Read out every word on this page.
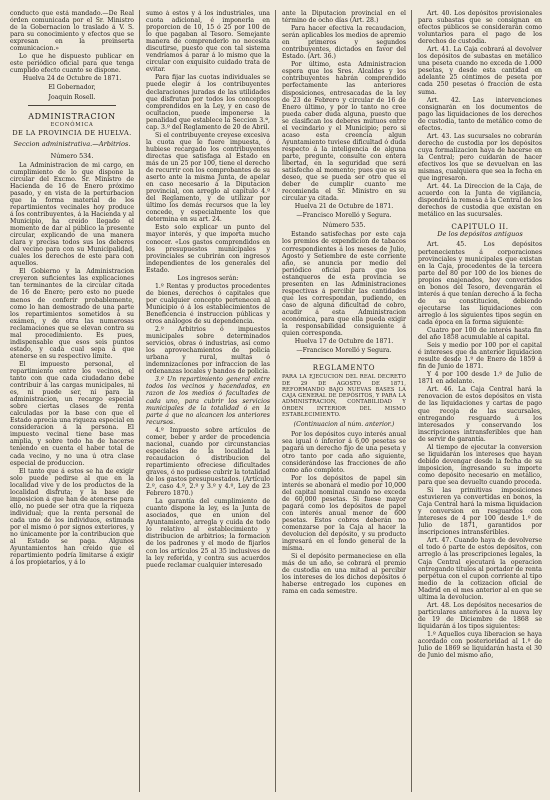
conducto que está mandado.—De Real órden comunicada por el Sr. Ministro de la Gobernacion lo traslado á V. S. para su conocimiento y efectos que se expresan en la preinserta comunicacion.»

Lo que he dispuesto publicar en este periódico oficial para que tenga cumplido efecto cuanto se dispone.

Huelva 24 de Octubre de 1871.

El Gobernador,
Joaquin Rosell.
ADMINISTRACION
ECONÓMICA
DE LA PROVINCIA DE HUELVA.
Seccion administrativa.—Arbitrios.
Número 534.

La Administracion de mi cargo, en cumplimiento de lo que dispone la circular del Excmo. Sr. Ministro de Hacienda de 16 de Enero próximo pasado, y en vista de la perturbacion que la forma material de los repartimientos vecinales hoy produce á los contribuyentes, á la Hacienda y al Municipio, ha creido llegado el momento de dar al público la presente circular, explicando de una manera clara y precisa todos sus los deberes del vecino para con su Municipalidad, cuales los derechos de este para con aquellos.

El Gobierno y la Administracion creyeron suficientes las explicaciones tan terminantes de la circular citada de 16 de Enero; pero esto no puede menos de conferir probablemente, como lo han demostrado de una parte los repartimientos sometidos á su exámen, y de otra las numerosas reclamaciones que se elevan contra su mal procedimiento. Es pues, indispensable que esos seis puntos estado, y cada cual sepa á que atenerse en su respectivo límite.

El impuesto personal, el repartimiento entre los vecinos, el tanto con que cada ciudadano debe contribuir á las cargas municipales, ni es, ni puede ser, ni para la administracion, un recargo especial sobre ciertas clases de renta calculadas por la base con que el Estado aprecia una riqueza especial en consideracion á la persona. El impuesto vecinal tiene base mas amplia, y sobre todo ha de hacerse teniendo en cuenta el haber total de cada vecino, y no una ú otra clase especial de produccion.

El tanto que á estos se ha de exigir solo puede pedirse al que en la localidad vive y de los productos de la localidad disfruta; y la base de imposicion á que han de atenerse para ello, no puede ser otra que la riqueza individual; que la renta personal de cada uno de los individuos, estimada por el mismo ó por signos exteriores, y no únicamente por la contribucion que al Estado se paga. Algunos Ayuntamientos han creido que el repartimiento podría limitarse á exigir á los propietarios, y á lo

sumo á estos y á los industriales, una cuota adicional, é imponerla en proporcion de 10, 15 ó 25 por 100 de lo que pagaban al Tesoro. Semejante manera de comprenderlo no necesita discutirse, puesto que con tal sistema vendríamos á parar á lo mismo que la circular con exquisito cuidado trata de evitar.

Para fijar las cuotas individuales se puede elegir á los contribuyentes declaraciones juradas de las utilidades que disfrutan por todos los conceptos comprendidos en la Ley, y en caso de ocultacion, puede imponerse la penalidad que establece la Seccion 3.ª, cap. 3.º del Reglamento de 20 de Abril.

Si el contribuyente creyese excesiva la cuota que le fuere impuesta, ó hubiese recargado los contribuyentes directas que satisfaga al Estado en más de un 25 por 100, tiene el derecho de recurrir con los comprobantes de su aserto ante la misma Junta, de apelar en caso necesario á la Diputacion provincial, con arreglo al capítulo 4.º del Reglamento, y de utilizar por último los demás recursos que la ley concede, y especialmente los que determina en su art. 24.

Esto solo explicar un punto del mayor interés, y que importa mucho conocer. «Los gastos comprendidos en los presupuestos municipales y provinciales se cubrirán con ingresos independientes de los generales del Estado.

Los ingresos serán:

1.º Rentas y productos procedentes de bienes, derechos ó capitales que por cualquier concepto pertenecen al Municipio ó á los establecimientos de Beneficencia é instruccion públicas y otros análogos de su dependencia.

2.º Arbitrios ó impuestos municipales sobre determinados servicios, obras ó industrias, así como los aprovechamientos de policía urbana y rural, multas ó indemnizaciones por infraccion de las ordenanzas locales y bandos de policía.

3.º Un repartimiento general entre todos los vecinos y hacendados, en razon de los medios ó facultades de cada uno, para cubrir los servicios municipales de la totalidad ó en la parte á que no alcancen los anteriores recursos.

4.º Impuesto sobre artículos de comer, beber y arder de procedencia nacional, cuando por circunstancias especiales de la localidad la recaudacion ó distribucion del repartimiento ofreciese dificultades graves, ó no pudiese cubrir la totalidad de los gastos presupuestados. (Artículo 2.º, caso 4.º, 2.º y 3.º y 4.º, Ley de 23 Febrero 1870.)

La garantía del cumplimiento de cuanto dispone la ley, es la Junta de asociados, que en union del Ayuntamiento, arregla y cuida de todo lo relativo al establecimiento y distribucion de arbitrios; la formacion de los padrones y el modo de fijarlos con los artículos 25 al 35 inclusives de la ley referida, y contra sus acuerdos puede reclamar cualquier interesado

ante la Diputacion provincial en el término de ocho días (Art. 28.)

Para hacer efectiva la recaudacion, serán aplicables los medios de apremio en primeros y segundos contribuyentes, dictados en favor del Estado. (Art. 36.)

Por último, esta Administracion espera que los Sres. Alcaldes y los contribuyentes habrán comprendido perfectamente las anteriores disposiciones, entresacadas de la ley de 23 de Febrero y circular de 16 de Enero último, y por lo tanto no cree pueda caber duda alguna, puesto que se clasifican los deberes mútuos entre el vecindario y el Municipio; pero si acaso esta creencia algun Ayuntamiento tuviese dificultad ó duda respecto á la inteligencia de alguna parte, pregunte, consulte con entera libertad, en la seguridad que será satisfecho al momento; pues que es su deseo, que se pueda ser otro que el deber de cumplir cuanto me recomienda el Sr. Ministro en su circular ya citada.

Huelva 21 de Octubre de 1871.

—Francisco Morelló y Segura.
Número 535.

Estando satisfechas por este caja los premios de expendicion de tabacos correspondientes á los meses de Julio, Agosto y Setiembre de este corriente año, se anuncia por medio del periódico oficial para que los estanqueros de esta provincia se presenten en las Administraciones respectivas á percibir las cantidades que les correspondan, pudiendo, en caso de alguna dificultad de cobro, acudir á esta Administracion económica, para que ella pueda exigir la responsabilidad consiguiente á quien corresponda.

Huelva 17 de Octubre de 1871.

—Francisco Morelló y Segura.
REGLAMENTO
PARA LA EJECUCION DEL REAL DECRETO DE 29 DE AGOSTO DE 1871, REFORMANDO BAJO NUEVAS BASES LA CAJA GENERAL DE DEPÓSITOS, Y PARA LA ADMINISTRACION, CONTABILIDAD Y ÓRDEN INTERIOR DEL MISMO ESTABLECIMIENTO.
(Continuacion al núm. anterior.)

Por los depósitos cuyo interés anual sea igual ó inferior á 6,00 pesetas se pagará un derecho fijo de una peseta y otro tanto por cada año siguiente, considerándose las fracciones de año como año completo.

Por los depósitos de papel sin interés se abonará el medio por 10,000 del capital nominal cuando no exceda de 60,000 pesetas. Si fuese mayor pagará como los depósitos de papel con interés anual menor de 600 pesetas. Estos cobros deberán no comenzarse por la Caja al hacer la devolucion del depósito, y su producto ingresará en el fondo general de la misma.

Si el depósito permaneciese en ella más de un año, se cobrará el premio de custodia en una mitad al percibir los intereses de los dichos depósitos ó haberse entregado los cupones en rama en cada semestre.

Art. 40. Los depósitos provisionales para subastas que se consignan en efectos públicos se considerarán como voluntarios para el pago de los derechos de custodia.

Art. 41. La Caja cobrará al devolver los depósitos de subastas en metálico una peseta cuando no exceda de 1.000 pesetas, y desde esta cantidad en adelante 25 céntimos de peseta por cada 250 pesetas ó fraccion de esta suma.

Art. 42. Las intervenciones consignarán en los documentos de pago las liquidaciones de los derechos de custodia, tanto de metálico como de efectos.

Art. 43. Las sucursales no cobrarán derecho de custodia por los depósitos cuya formalizacion haya de hacerse en la Central; pero cuidarán de hacer efectivos los que se devuelvan en las mismas, cualquiera que sea la fecha en que ingresaron.

Art. 44. La Direccion de la Caja, de acuerdo con la Junta de vigilancia, dispondrá la remesa á la Central de los derechos de custodia que existan en metálico en las sucursales.

CAPITULO II.
De los depósitos antiguos

Art. 45. Los depósitos pertenecientes á corporaciones provinciales y municipales que existan en la Caja, procedentes de la tercera parte del 80 por 100 de los bienes de propios enajenados, hoy convertidos en bonos del Tesoro, devengarán el interés á que tenían derecho á la fecha de su constitucion, debiendo ejecutarse las liquidaciones con arreglo á los siguientes tipos según en cada época en la forma siguiente:

Cuatro por 100 de interés hasta fin del año 1858 acumulable al capital.

Seis y medio por 100 por el capital é intereses que da anterior liquidacion resulte desde 1.º de Enero de 1859 á fin de Junio de 1871.

Y 4 por 100 desde 1.º de Julio de 1871 en adelante.

Art. 46. La Caja Central hará la renovacion de estos depósitos en vista de las liquidaciones y cartas de pago que recoja de las sucursales, entregando resguardo á los interesados y conservando los inscripciones intransferibles que han de servir de garantía.

Al tiempo de ejecutar la conversion se liquidarán los intereses que hayan debido devengar desde la fecha de su imposicion, ingresando su importe como depósito necesario en metálico, para que sea devuelto cuando proceda.

Si las primitivas imposiciones estuvieren ya convertidas en bonos, la Caja Central hará la misma liquidacion y conversion en resguardos con intereses de 4 por 100 desde 1.º de Julio de 1871, garantidos por inscripciones intransferibles.

Art. 47. Cuando haya de devolverse el todo ó parte de estos depósitos, con arreglo á las prescripciones legales, la Caja Central ejecutará la operacion entregando títulos al portador de renta perpétua con el cupon corriente al tipo medio de la cotizacion oficial de Madrid en el mes anterior al en que se ultima la devolucion.

Art. 48. Los depósitos necesarios de particulares anteriores á la nueva ley de 19 de Diciembre de 1868 se liquidarán á los tipos siguientes:

1.º Aquellos cuya liberacion se haya acordado con posterioridad al 1.º de Julio de 1869 se liquidarán hasta el 30 de Junio del mismo año,
